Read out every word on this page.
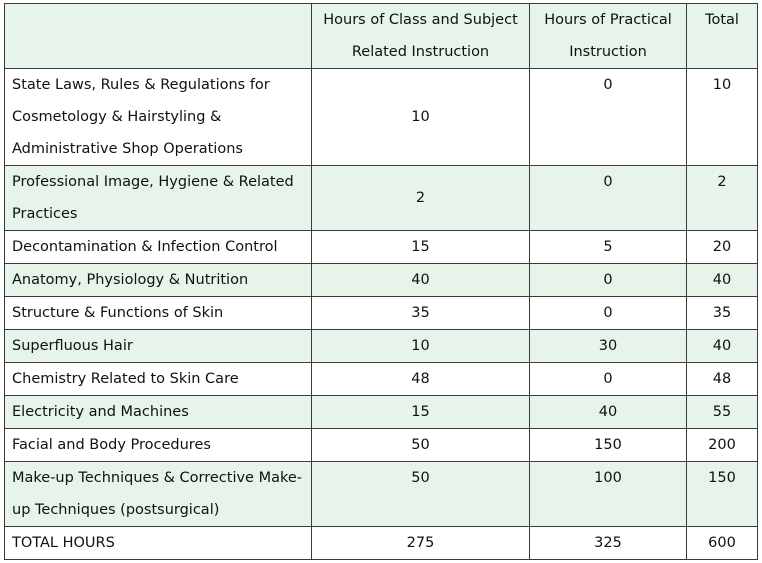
	Hours of Class and Subject Related Instruction	Hours of Practical Instruction	Total
State Laws, Rules & Regulations for Cosmetology & Hairstyling & Administrative Shop Operations	10	0	10
Professional Image, Hygiene & Related Practices	2	0	2
Decontamination & Infection Control	15	5	20
Anatomy, Physiology & Nutrition	40	0	40
Structure & Functions of Skin	35	0	35
Superfluous Hair	10	30	40
Chemistry Related to Skin Care	48	0	48
Electricity and Machines	15	40	55
Facial and Body Procedures	50	150	200
Make-up Techniques & Corrective Make-up Techniques (postsurgical)	50	100	150
TOTAL HOURS	275	325	600
